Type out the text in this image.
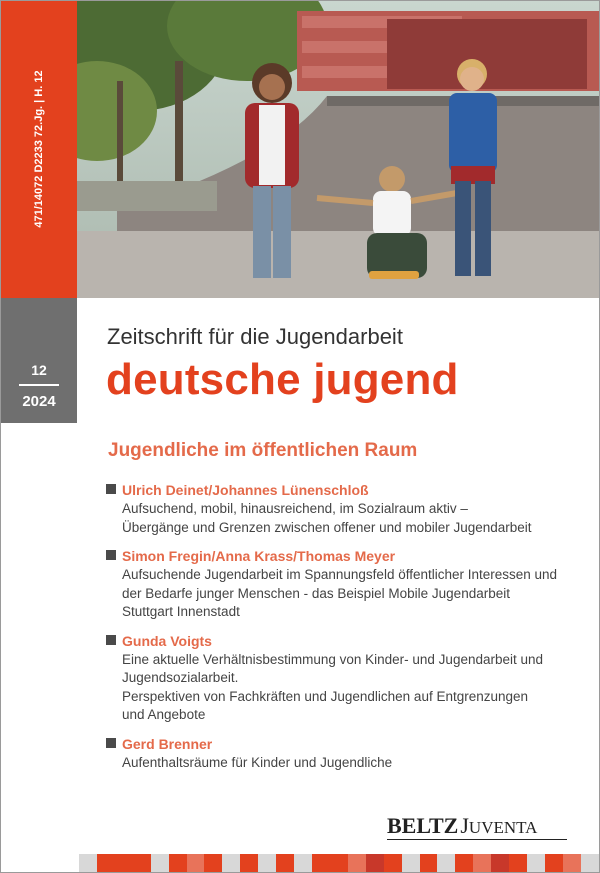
471/14072 D2233 72.Jg. | H. 12
12
2024
Zeitschrift für die Jugendarbeit
deutsche jugend
Jugendliche im öffentlichen Raum
Ulrich Deinet/Johannes Lünenschloß
Aufsuchend, mobil, hinausreichend, im Sozialraum aktiv –
Übergänge und Grenzen zwischen offener und mobiler Jugendarbeit
Simon Fregin/Anna Krass/Thomas Meyer
Aufsuchende Jugendarbeit im Spannungsfeld öffentlicher Interessen und
der Bedarfe junger Menschen - das Beispiel Mobile Jugendarbeit
Stuttgart Innenstadt
Gunda Voigts
Eine aktuelle Verhältnisbestimmung von Kinder- und Jugendarbeit und
Jugendsozialarbeit.
Perspektiven von Fachkräften und Jugendlichen auf Entgrenzungen
und Angebote
Gerd Brenner
Aufenthaltsräume für Kinder und Jugendliche
BELTZJUVENTA
